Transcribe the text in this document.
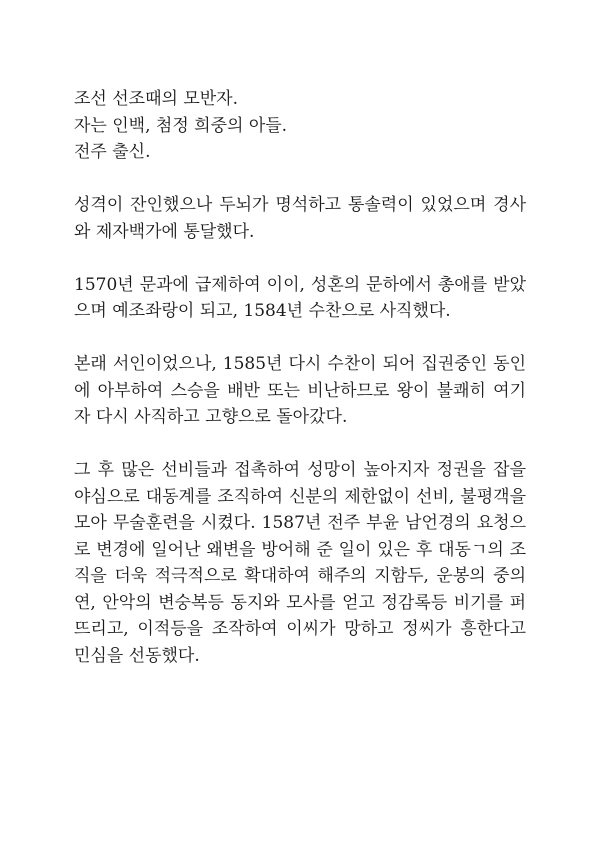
조선 선조때의 모반자.
자는 인백, 첨정 희중의 아들.
전주 출신.

성격이 잔인했으나 두뇌가 명석하고 통솔력이 있었으며 경사와 제자백가에 통달했다.

1570년 문과에 급제하여 이이, 성혼의 문하에서 총애를 받았으며 예조좌랑이 되고, 1584년 수찬으로 사직했다.

본래 서인이었으나, 1585년 다시 수찬이 되어 집권중인 동인에 아부하여 스승을 배반 또는 비난하므로 왕이 불쾌히 여기자 다시 사직하고 고향으로 돌아갔다.

그 후 많은 선비들과 접촉하여 성망이 높아지자 정권을 잡을 야심으로 대동계를 조직하여 신분의 제한없이 선비, 불평객을 모아 무술훈련을 시켰다. 1587년 전주 부윤 남언경의 요청으로 변경에 일어난 왜변을 방어해 준 일이 있은 후 대동ㄱ의 조직을 더욱 적극적으로 확대하여 해주의 지함두, 운봉의 중의연, 안악의 변숭복등 동지와 모사를 얻고 정감록등 비기를 퍼뜨리고, 이적등을 조작하여 이씨가 망하고 정씨가 흥한다고 민심을 선동했다.
